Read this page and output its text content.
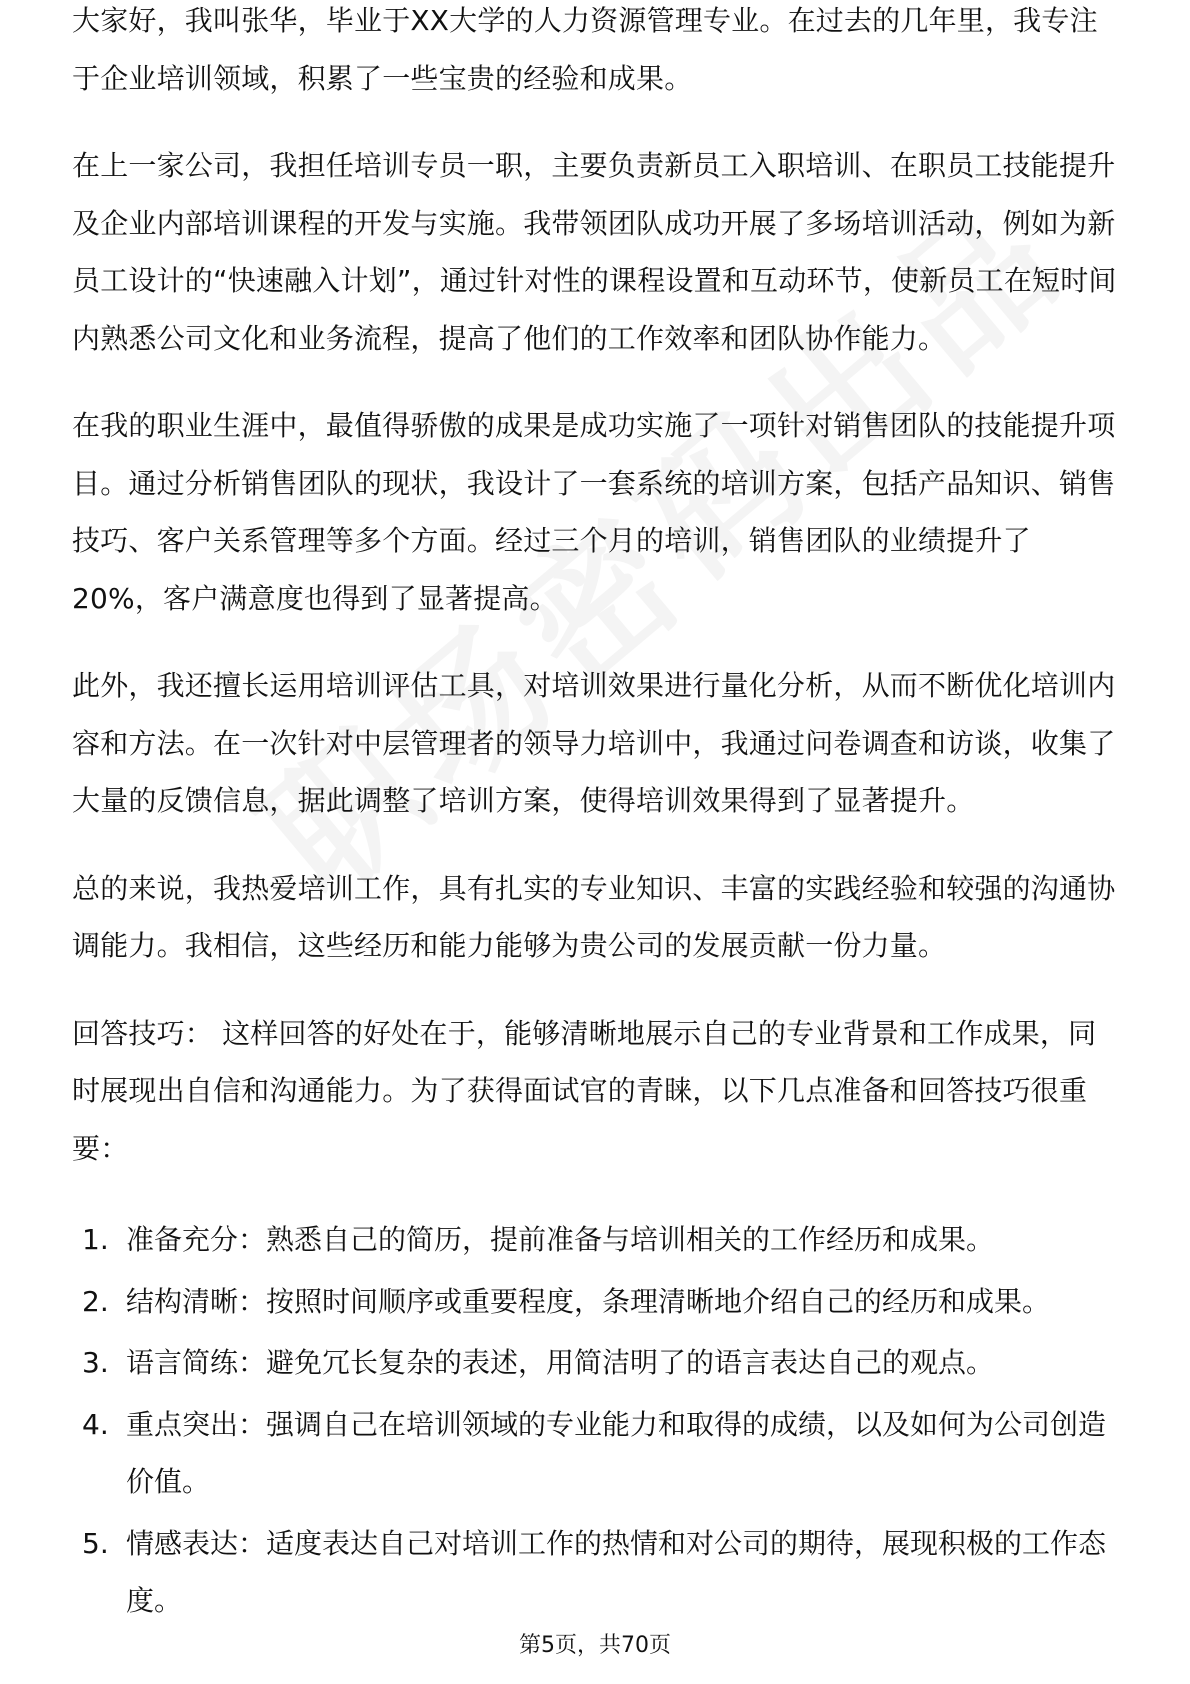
大家好，我叫张华，毕业于XX大学的人力资源管理专业。在过去的几年里，我专注于企业培训领域，积累了一些宝贵的经验和成果。

在上一家公司，我担任培训专员一职，主要负责新员工入职培训、在职员工技能提升及企业内部培训课程的开发与实施。我带领团队成功开展了多场培训活动，例如为新员工设计的“快速融入计划”，通过针对性的课程设置和互动环节，使新员工在短时间内熟悉公司文化和业务流程，提高了他们的工作效率和团队协作能力。

在我的职业生涯中，最值得骄傲的成果是成功实施了一项针对销售团队的技能提升项目。通过分析销售团队的现状，我设计了一套系统的培训方案，包括产品知识、销售技巧、客户关系管理等多个方面。经过三个月的培训，销售团队的业绩提升了20%，客户满意度也得到了显著提高。

此外，我还擅长运用培训评估工具，对培训效果进行量化分析，从而不断优化培训内容和方法。在一次针对中层管理者的领导力培训中，我通过问卷调查和访谈，收集了大量的反馈信息，据此调整了培训方案，使得培训效果得到了显著提升。

总的来说，我热爱培训工作，具有扎实的专业知识、丰富的实践经验和较强的沟通协调能力。我相信，这些经历和能力能够为贵公司的发展贡献一份力量。

回答技巧： 这样回答的好处在于，能够清晰地展示自己的专业背景和工作成果，同时展现出自信和沟通能力。为了获得面试官的青睐，以下几点准备和回答技巧很重要：

1. 准备充分：熟悉自己的简历，提前准备与培训相关的工作经历和成果。
2. 结构清晰：按照时间顺序或重要程度，条理清晰地介绍自己的经历和成果。
3. 语言简练：避免冗长复杂的表述，用简洁明了的语言表达自己的观点。
4. 重点突出：强调自己在培训领域的专业能力和取得的成绩，以及如何为公司创造价值。
5. 情感表达：适度表达自己对培训工作的热情和对公司的期待，展现积极的工作态度。
第5页，共70页
